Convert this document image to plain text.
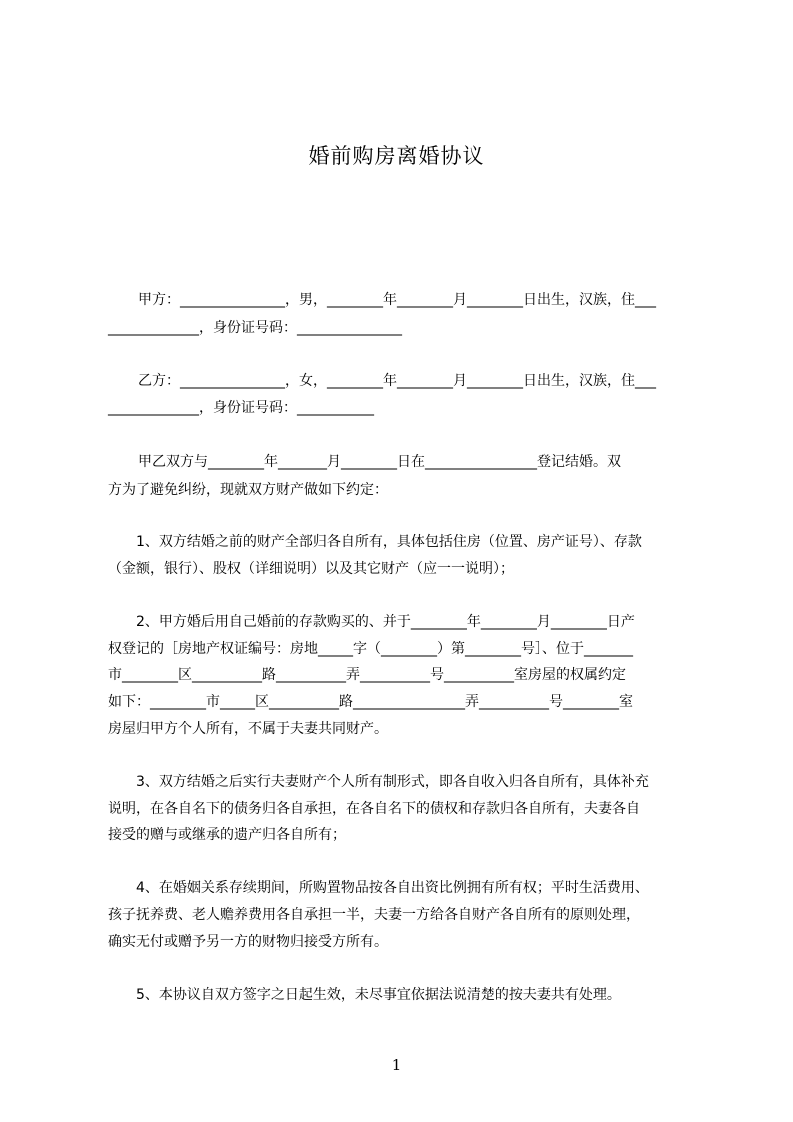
婚前购房离婚协议
甲方：_______________，男，________年________月________日出生，汉族，住___
_____________，身份证号码：_______________
乙方：_______________，女，________年________月________日出生，汉族，住___
_____________，身份证号码：___________
甲乙双方与________年_______月________日在________________登记结婚。双
方为了避免纠纷，现就双方财产做如下约定：
1、双方结婚之前的财产全部归各自所有，具体包括住房（位置、房产证号）、存款
（金额，银行）、股权（详细说明）以及其它财产（应一一说明）；
2、甲方婚后用自己婚前的存款购买的、并于________年________月________日产
权登记的［房地产权证编号：房地_____字（________）第________号］、位于_______
市________区__________路__________弄__________号__________室房屋的权属约定
如下：________市_____区__________路________________弄__________号________室
房屋归甲方个人所有，不属于夫妻共同财产。
3、双方结婚之后实行夫妻财产个人所有制形式，即各自收入归各自所有，具体补充
说明，在各自名下的债务归各自承担，在各自名下的债权和存款归各自所有，夫妻各自
接受的赠与或继承的遗产归各自所有；
4、在婚姻关系存续期间，所购置物品按各自出资比例拥有所有权；平时生活费用、
孩子抚养费、老人赡养费用各自承担一半，夫妻一方给各自财产各自所有的原则处理，
确实无付或赠予另一方的财物归接受方所有。
5、本协议自双方签字之日起生效，未尽事宜依据法说清楚的按夫妻共有处理。
1
